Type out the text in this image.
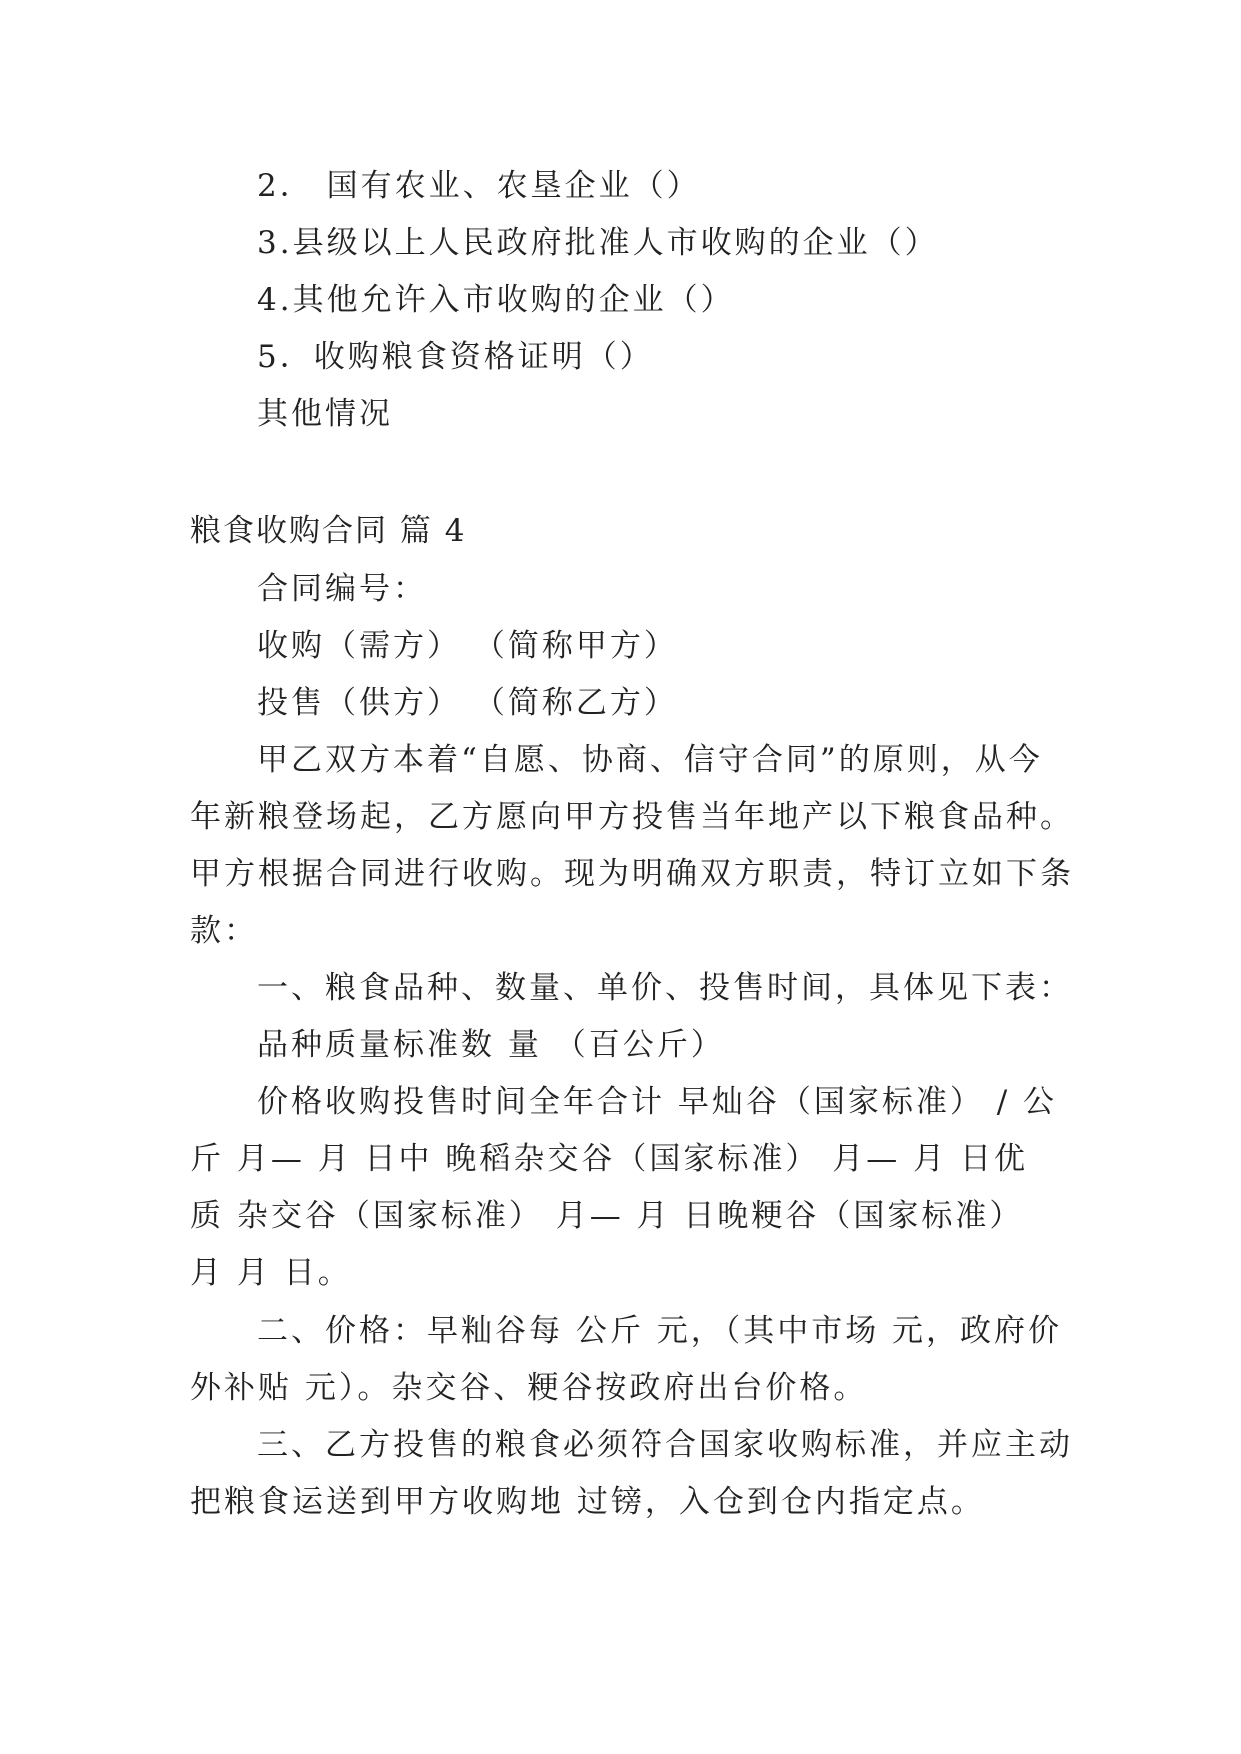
2． 国有农业、农垦企业（）
3.县级以上人民政府批准人市收购的企业（）
4.其他允许入市收购的企业（）
5．收购粮食资格证明（）
其他情况
粮食收购合同 篇 4
合同编号：
收购（需方） （简称甲方）
投售（供方） （简称乙方）
甲乙双方本着“自愿、协商、信守合同”的原则，从今
年新粮登场起，乙方愿向甲方投售当年地产以下粮食品种。
甲方根据合同进行收购。现为明确双方职责，特订立如下条
款：
一、粮食品种、数量、单价、投售时间，具体见下表：
品种质量标准数 量 （百公斤）
价格收购投售时间全年合计 早灿谷（国家标准） / 公
斤 月— 月 日中 晚稻杂交谷（国家标准） 月— 月 日优
质 杂交谷（国家标准） 月— 月 日晚粳谷（国家标准）
月 月 日。
二、价格：早籼谷每 公斤 元，（其中市场 元，政府价
外补贴 元）。杂交谷、粳谷按政府出台价格。
三、乙方投售的粮食必须符合国家收购标准，并应主动
把粮食运送到甲方收购地 过镑，入仓到仓内指定点。
